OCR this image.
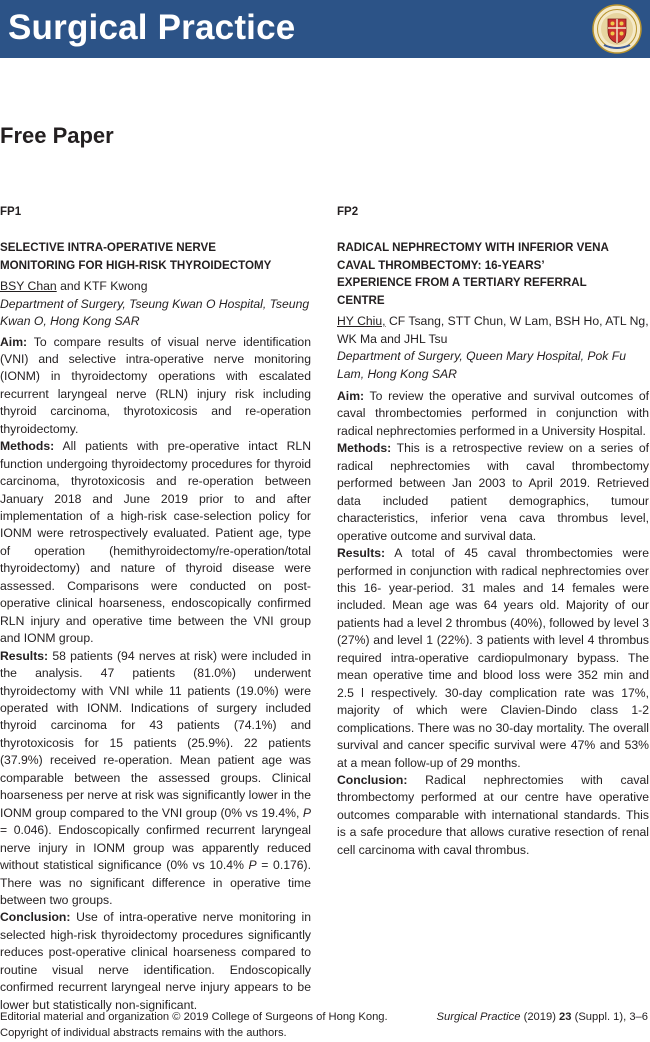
Surgical Practice
Free Paper

FP1

SELECTIVE INTRA-OPERATIVE NERVE
MONITORING FOR HIGH-RISK THYROIDECTOMY

BSY Chan and KTF Kwong

Department of Surgery, Tseung Kwan O Hospital, Tseung Kwan O, Hong Kong SAR

Aim: To compare results of visual nerve identification (VNI) and selective intra-operative nerve monitoring (IONM) in thyroidectomy operations with escalated recurrent laryngeal nerve (RLN) injury risk including thyroid carcinoma, thyrotoxicosis and re-operation thyroidectomy.

Methods: All patients with pre-operative intact RLN function undergoing thyroidectomy procedures for thyroid carcinoma, thyrotoxicosis and re-operation between January 2018 and June 2019 prior to and after implementation of a high-risk case-selection policy for IONM were retrospectively evaluated. Patient age, type of operation (hemithyroidectomy/re-operation/total thyroidectomy) and nature of thyroid disease were assessed. Comparisons were conducted on post-operative clinical hoarseness, endoscopically confirmed RLN injury and operative time between the VNI group and IONM group.

Results: 58 patients (94 nerves at risk) were included in the analysis. 47 patients (81.0%) underwent thyroidectomy with VNI while 11 patients (19.0%) were operated with IONM. Indications of surgery included thyroid carcinoma for 43 patients (74.1%) and thyrotoxicosis for 15 patients (25.9%). 22 patients (37.9%) received re-operation. Mean patient age was comparable between the assessed groups. Clinical hoarseness per nerve at risk was significantly lower in the IONM group compared to the VNI group (0% vs 19.4%, P = 0.046). Endoscopically confirmed recurrent laryngeal nerve injury in IONM group was apparently reduced without statistical significance (0% vs 10.4% P = 0.176). There was no significant difference in operative time between two groups.

Conclusion: Use of intra-operative nerve monitoring in selected high-risk thyroidectomy procedures significantly reduces post-operative clinical hoarseness compared to routine visual nerve identification. Endoscopically confirmed recurrent laryngeal nerve injury appears to be lower but statistically non-significant.

FP2

RADICAL NEPHRECTOMY WITH INFERIOR VENA
CAVAL THROMBECTOMY: 16-YEARS’
EXPERIENCE FROM A TERTIARY REFERRAL
CENTRE

HY Chiu, CF Tsang, STT Chun, W Lam, BSH Ho, ATL Ng, WK Ma and JHL Tsu

Department of Surgery, Queen Mary Hospital, Pok Fu Lam, Hong Kong SAR

Aim: To review the operative and survival outcomes of caval thrombectomies performed in conjunction with radical nephrectomies performed in a University Hospital.

Methods: This is a retrospective review on a series of radical nephrectomies with caval thrombectomy performed between Jan 2003 to April 2019. Retrieved data included patient demographics, tumour characteristics, inferior vena cava thrombus level, operative outcome and survival data.

Results: A total of 45 caval thrombectomies were performed in conjunction with radical nephrectomies over this 16- year-period. 31 males and 14 females were included. Mean age was 64 years old. Majority of our patients had a level 2 thrombus (40%), followed by level 3 (27%) and level 1 (22%). 3 patients with level 4 thrombus required intra-operative cardiopulmonary bypass. The mean operative time and blood loss were 352 min and 2.5 l respectively. 30-day complication rate was 17%, majority of which were Clavien-Dindo class 1-2 complications. There was no 30-day mortality. The overall survival and cancer specific survival were 47% and 53% at a mean follow-up of 29 months.

Conclusion: Radical nephrectomies with caval thrombectomy performed at our centre have operative outcomes comparable with international standards. This is a safe procedure that allows curative resection of renal cell carcinoma with caval thrombus.

Editorial material and organization © 2019 College of Surgeons of Hong Kong.	Surgical Practice (2019) 23 (Suppl. 1), 3–6
Copyright of individual abstracts remains with the authors.
